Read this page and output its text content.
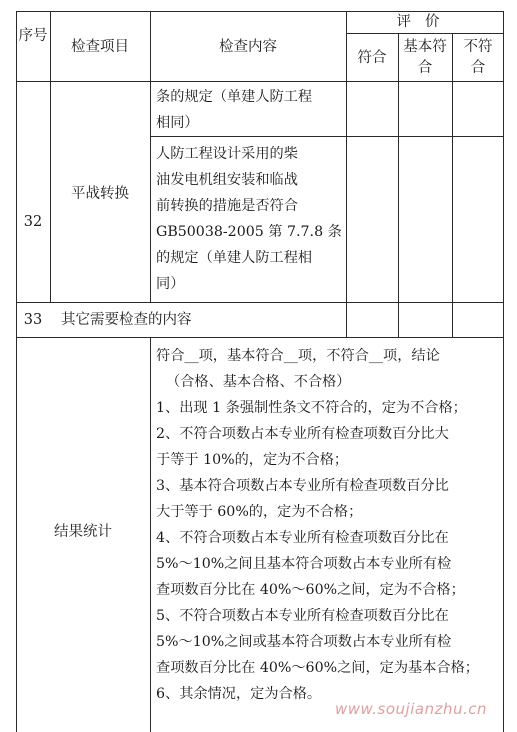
序号
检查项目	检查内容
评价
符合
基本符合
不符合
条的规定（单建人防工程
相同）
32
平战转换
人防工程设计采用的柴
油发电机组安装和临战
前转换的措施是否符合
GB50038-2005 第 7.7.8 条
的规定（单建人防工程相
同）
33	其它需要检查的内容
结果统计
符合__项，基本符合__项，不符合__项，结论
（合格、基本合格、不合格）
1、出现 1 条强制性条文不符合的，定为不合格；
2、不符合项数占本专业所有检查项数百分比大
于等于 10%的，定为不合格；
3、基本符合项数占本专业所有检查项数百分比
大于等于 60%的，定为不合格；
4、不符合项数占本专业所有检查项数百分比在
5%～10%之间且基本符合项数占本专业所有检
查项数百分比在 40%～60%之间，定为不合格；
5、不符合项数占本专业所有检查项数百分比在
5%～10%之间或基本符合项数占本专业所有检
查项数百分比在 40%～60%之间，定为基本合格；
6、其余情况，定为合格。
www.soujianzhu.cn
